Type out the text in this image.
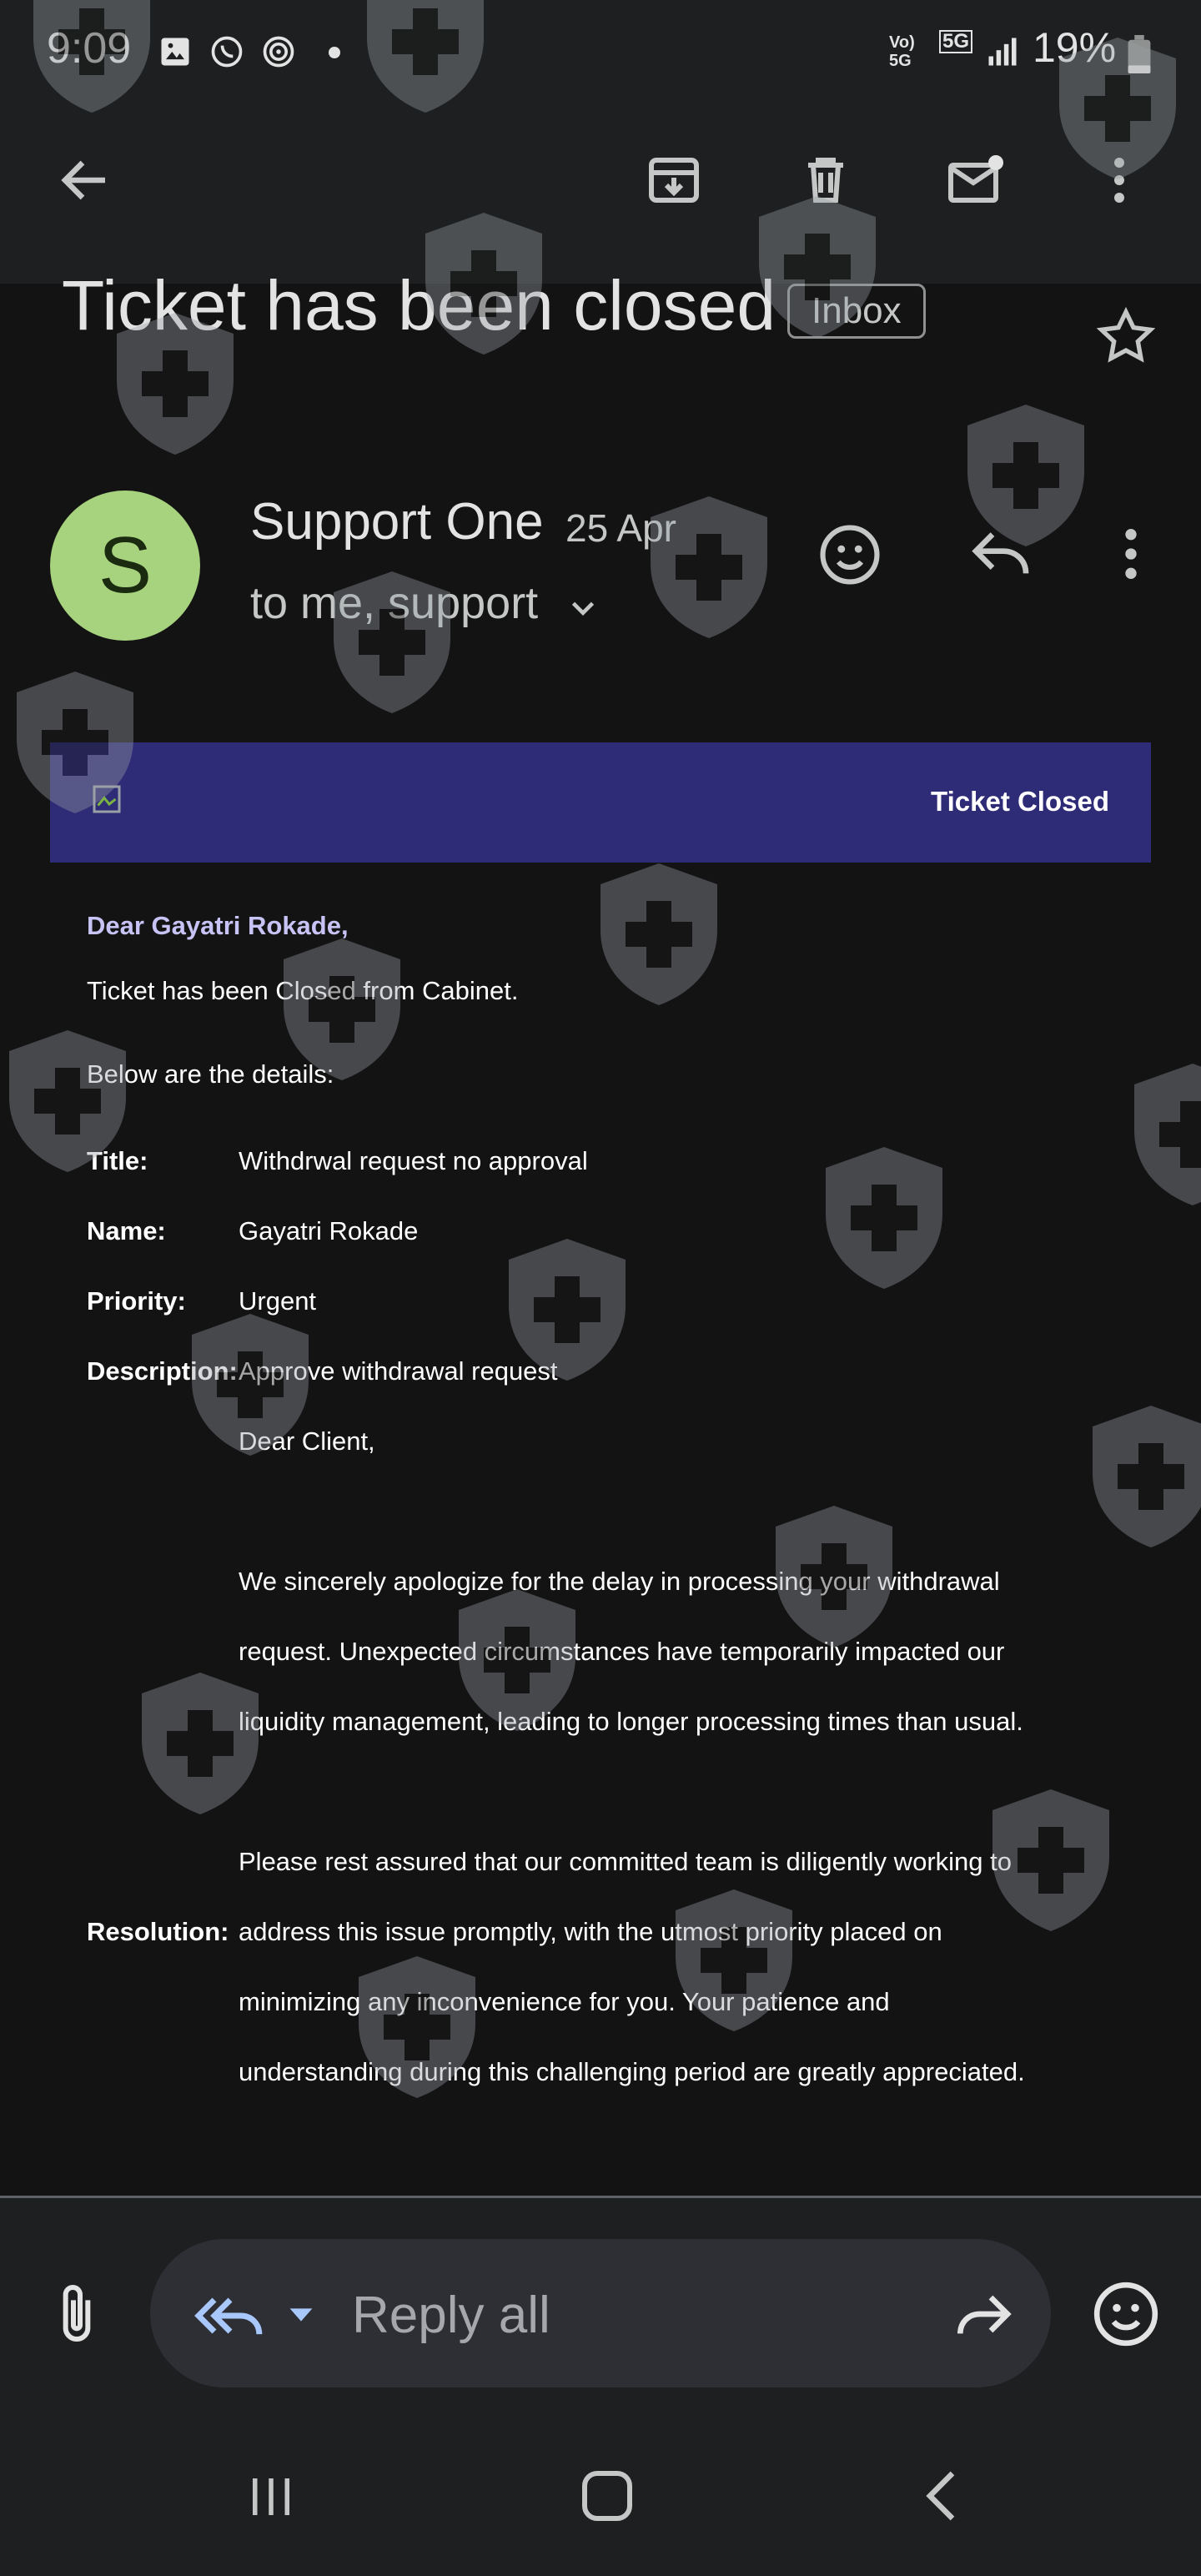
9:09	Vo)
5G
5G 19%
Ticket has been closed Inbox
S	Support One 25 Apr
to me, support
Ticket Closed
Dear Gayatri Rokade,
Ticket has been Closed from Cabinet.
Below are the details:
Title:	Withdrwal request no approval
Name:	Gayatri Rokade
Priority: Urgent
Description: Approve withdrawal request
Dear Client,
We sincerely apologize for the delay in processing your withdrawal
request. Unexpected circumstances have temporarily impacted our
liquidity management, leading to longer processing times than usual.
Please rest assured that our committed team is diligently working to
Resolution: address this issue promptly, with the utmost priority placed on
minimizing any inconvenience for you. Your patience and
understanding during this challenging period are greatly appreciated.
Reply all
